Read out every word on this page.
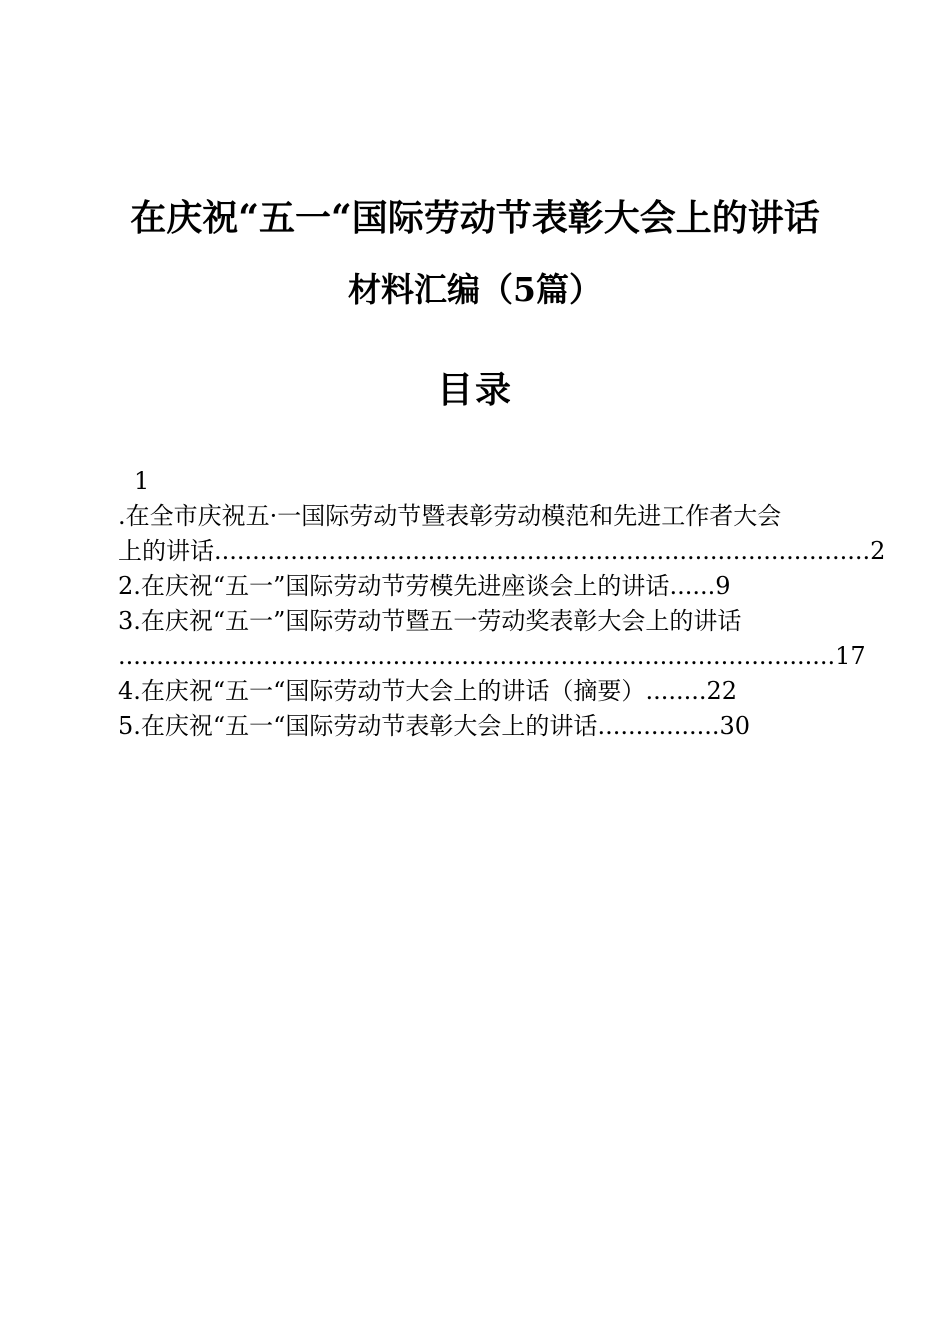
在庆祝“五一“国际劳动节表彰大会上的讲话
材料汇编（5篇）
目录
1
.在全市庆祝五·一国际劳动节暨表彰劳动模范和先进工作者大会
上的讲话......................................................................................2
2.在庆祝“五一”国际劳动节劳模先进座谈会上的讲话......9
3.在庆祝“五一”国际劳动节暨五一劳动奖表彰大会上的讲话
..............................................................................................17
4.在庆祝“五一“国际劳动节大会上的讲话（摘要）........22
5.在庆祝“五一“国际劳动节表彰大会上的讲话................30
